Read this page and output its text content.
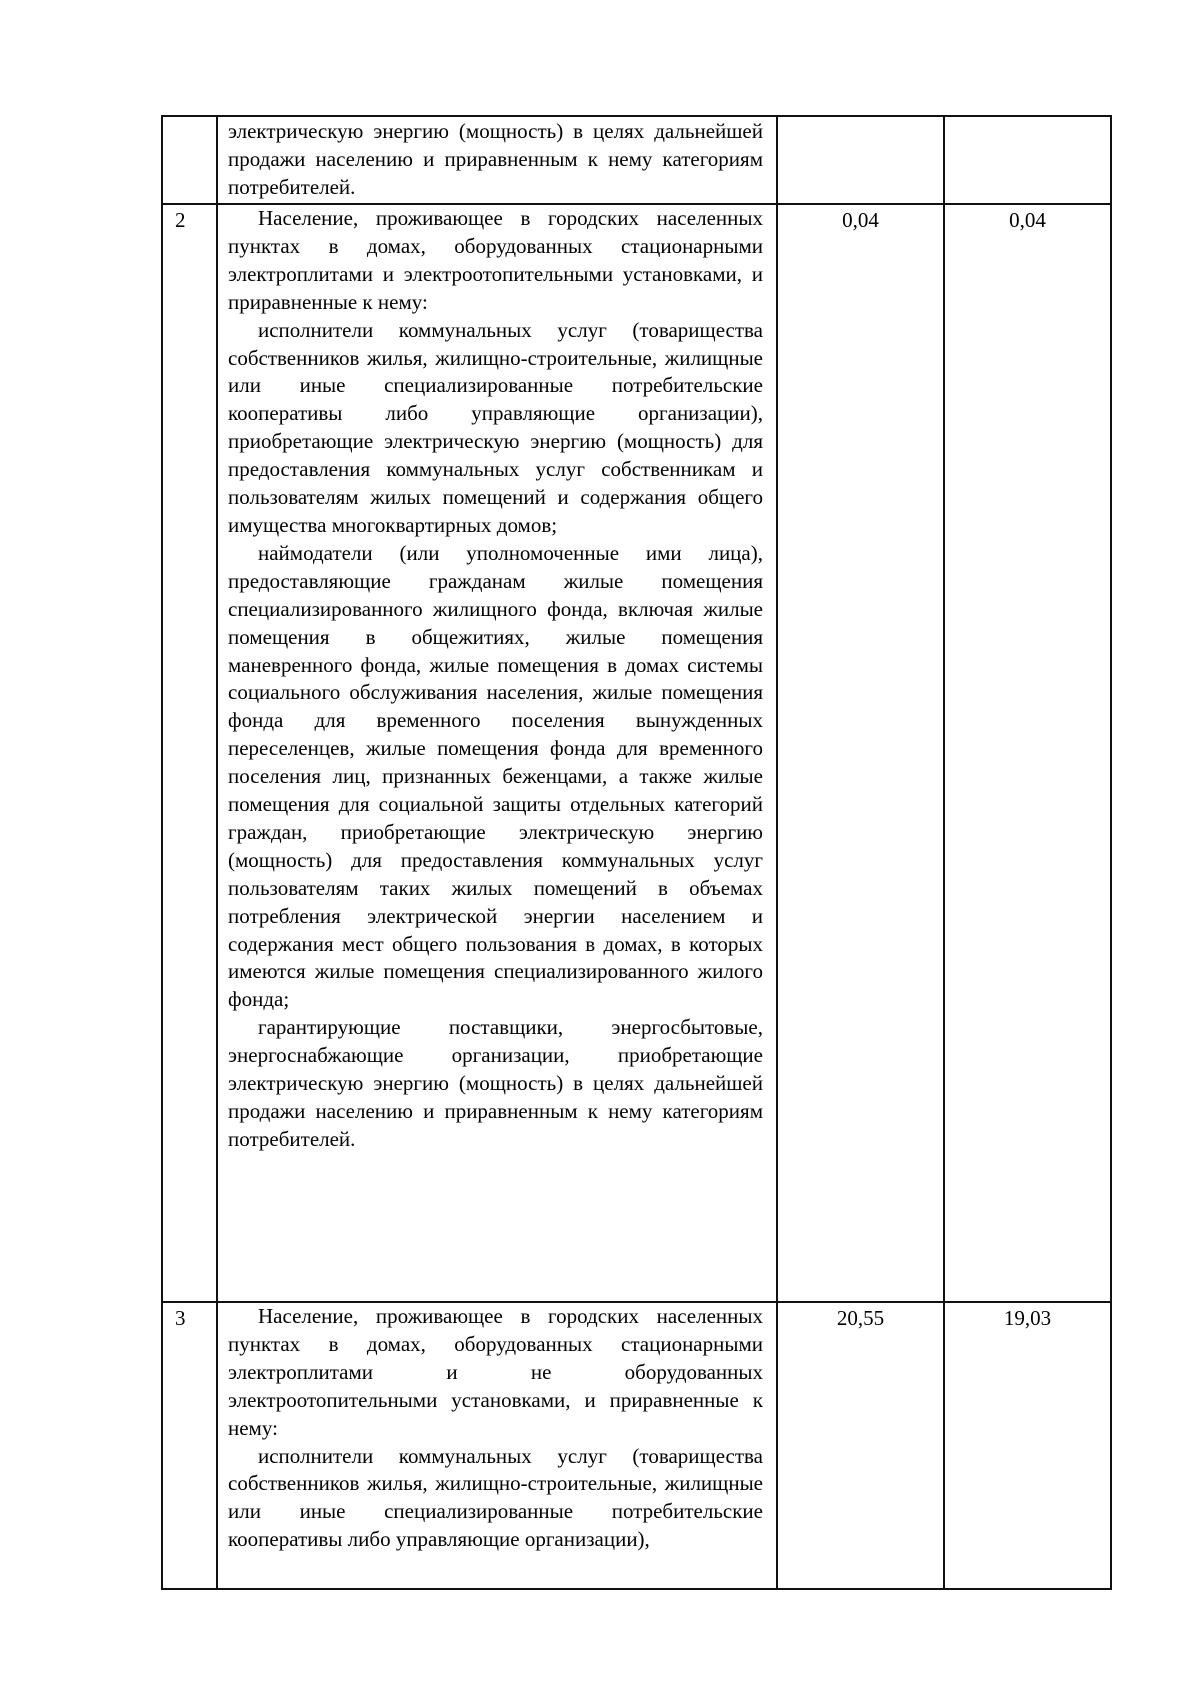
	электрическую энергию (мощность) в целях дальнейшей продажи населению и приравненным к нему категориям потребителей.		

2	Население, проживающее в городских населенных пунктах в домах, оборудованных стационарными электроплитами и электроотопительными установками, и приравненные к нему:

исполнители коммунальных услуг (товарищества собственников жилья, жилищно-строительные, жилищные или иные специализированные потребительские кооперативы либо управляющие организации), приобретающие электрическую энергию (мощность) для предоставления коммунальных услуг собственникам и пользователям жилых помещений и содержания общего имущества многоквартирных домов;

наймодатели (или уполномоченные ими лица), предоставляющие гражданам жилые помещения специализированного жилищного фонда, включая жилые помещения в общежитиях, жилые помещения маневренного фонда, жилые помещения в домах системы социального обслуживания населения, жилые помещения фонда для временного поселения вынужденных переселенцев, жилые помещения фонда для временного поселения лиц, признанных беженцами, а также жилые помещения для социальной защиты отдельных категорий граждан, приобретающие электрическую энергию (мощность) для предоставления коммунальных услуг пользователям таких жилых помещений в объемах потребления электрической энергии населением и содержания мест общего пользования в домах, в которых имеются жилые помещения специализированного жилого фонда;

гарантирующие поставщики, энергосбытовые, энергоснабжающие организации, приобретающие электрическую энергию (мощность) в целях дальнейшей продажи населению и приравненным к нему категориям потребителей.	0,04	0,04
3	Население, проживающее в городских населенных пунктах в домах, оборудованных стационарными электроплитами и не оборудованных электроотопительными установками, и приравненные к нему:

исполнители коммунальных услуг (товарищества собственников жилья, жилищно-строительные, жилищные или иные специализированные потребительские кооперативы либо управляющие организации),	20,55	19,03
